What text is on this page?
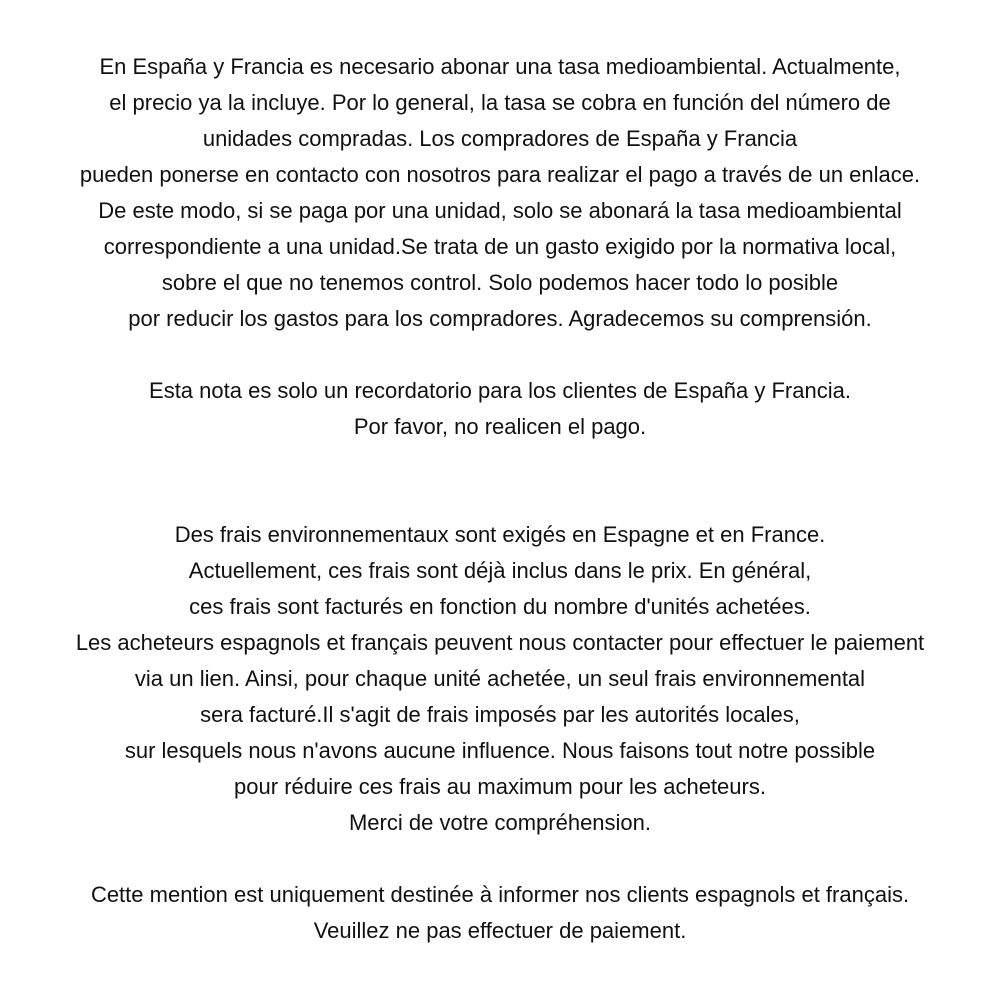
En España y Francia es necesario abonar una tasa medioambiental. Actualmente,
el precio ya la incluye. Por lo general, la tasa se cobra en función del número de
unidades compradas. Los compradores de España y Francia
pueden ponerse en contacto con nosotros para realizar el pago a través de un enlace.
De este modo, si se paga por una unidad, solo se abonará la tasa medioambiental
correspondiente a una unidad.Se trata de un gasto exigido por la normativa local,
sobre el que no tenemos control. Solo podemos hacer todo lo posible
por reducir los gastos para los compradores. Agradecemos su comprensión.
Esta nota es solo un recordatorio para los clientes de España y Francia.
Por favor, no realicen el pago.
Des frais environnementaux sont exigés en Espagne et en France.
Actuellement, ces frais sont déjà inclus dans le prix. En général,
ces frais sont facturés en fonction du nombre d'unités achetées.
Les acheteurs espagnols et français peuvent nous contacter pour effectuer le paiement
via un lien. Ainsi, pour chaque unité achetée, un seul frais environnemental
sera facturé.Il s'agit de frais imposés par les autorités locales,
sur lesquels nous n'avons aucune influence. Nous faisons tout notre possible
pour réduire ces frais au maximum pour les acheteurs.
Merci de votre compréhension.
Cette mention est uniquement destinée à informer nos clients espagnols et français.
Veuillez ne pas effectuer de paiement.
